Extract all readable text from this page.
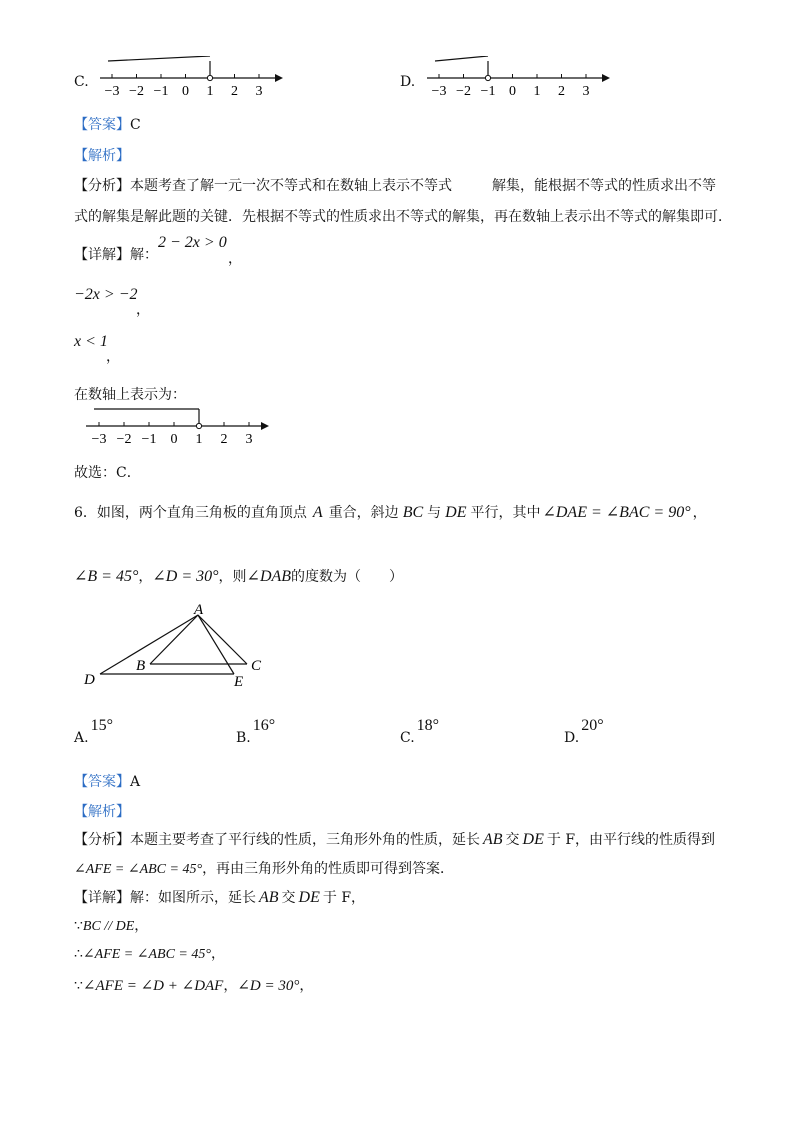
C.
−3 −2 −1 0 1 2 3
D.
−3 −2 −1 0 1 2 3
【答案】C
【解析】
【分析】本题考查了解一元一次不等式和在数轴上表示不等式	解集，能根据不等式的性质求出不等
式的解集是解此题的关键．先根据不等式的性质求出不等式的解集，再在数轴上表示出不等式的解集即可．
【详解】解：
2 − 2x > 0
，
−2x > −2
，
x < 1
，
在数轴上表示为：
−3 −2 −1 0 1 2 3
故选：C．
6．如图，两个直角三角板的直角顶点 A 重合，斜边 BC 与 DE 平行，其中 ∠DAE = ∠BAC = 90° ，
∠B = 45°，∠D = 30°，则∠DAB的度数为（　　）
A
B	C
D	E
A.15°
B.16°
C.18°
D.20°
【答案】A
【解析】
【分析】本题主要考查了平行线的性质，三角形外角的性质，延长 AB 交 DE 于 F，由平行线的性质得到
∠AFE = ∠ABC = 45°，再由三角形外角的性质即可得到答案．
【详解】解：如图所示，延长 AB 交 DE 于 F，
∵BC // DE，
∴∠AFE = ∠ABC = 45°，
∵∠AFE = ∠D + ∠DAF，∠D = 30°，
